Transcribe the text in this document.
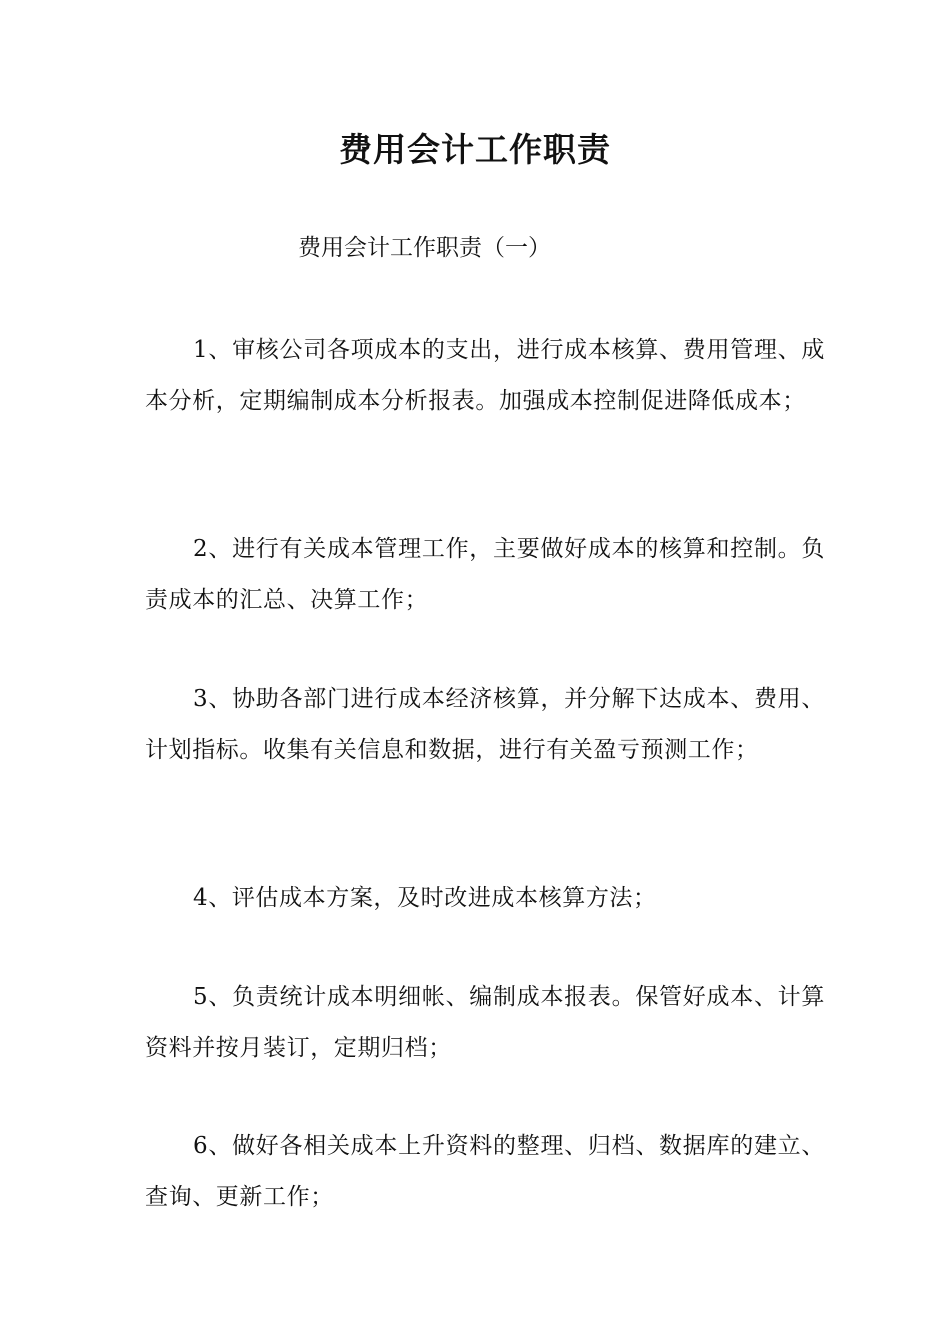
费用会计工作职责
费用会计工作职责（一）
1、审核公司各项成本的支出，进行成本核算、费用管理、成本分析，定期编制成本分析报表。加强成本控制促进降低成本；
2、进行有关成本管理工作，主要做好成本的核算和控制。负责成本的汇总、决算工作；
3、协助各部门进行成本经济核算，并分解下达成本、费用、计划指标。收集有关信息和数据，进行有关盈亏预测工作；
4、评估成本方案，及时改进成本核算方法；
5、负责统计成本明细帐、编制成本报表。保管好成本、计算资料并按月装订，定期归档；
6、做好各相关成本上升资料的整理、归档、数据库的建立、查询、更新工作；
